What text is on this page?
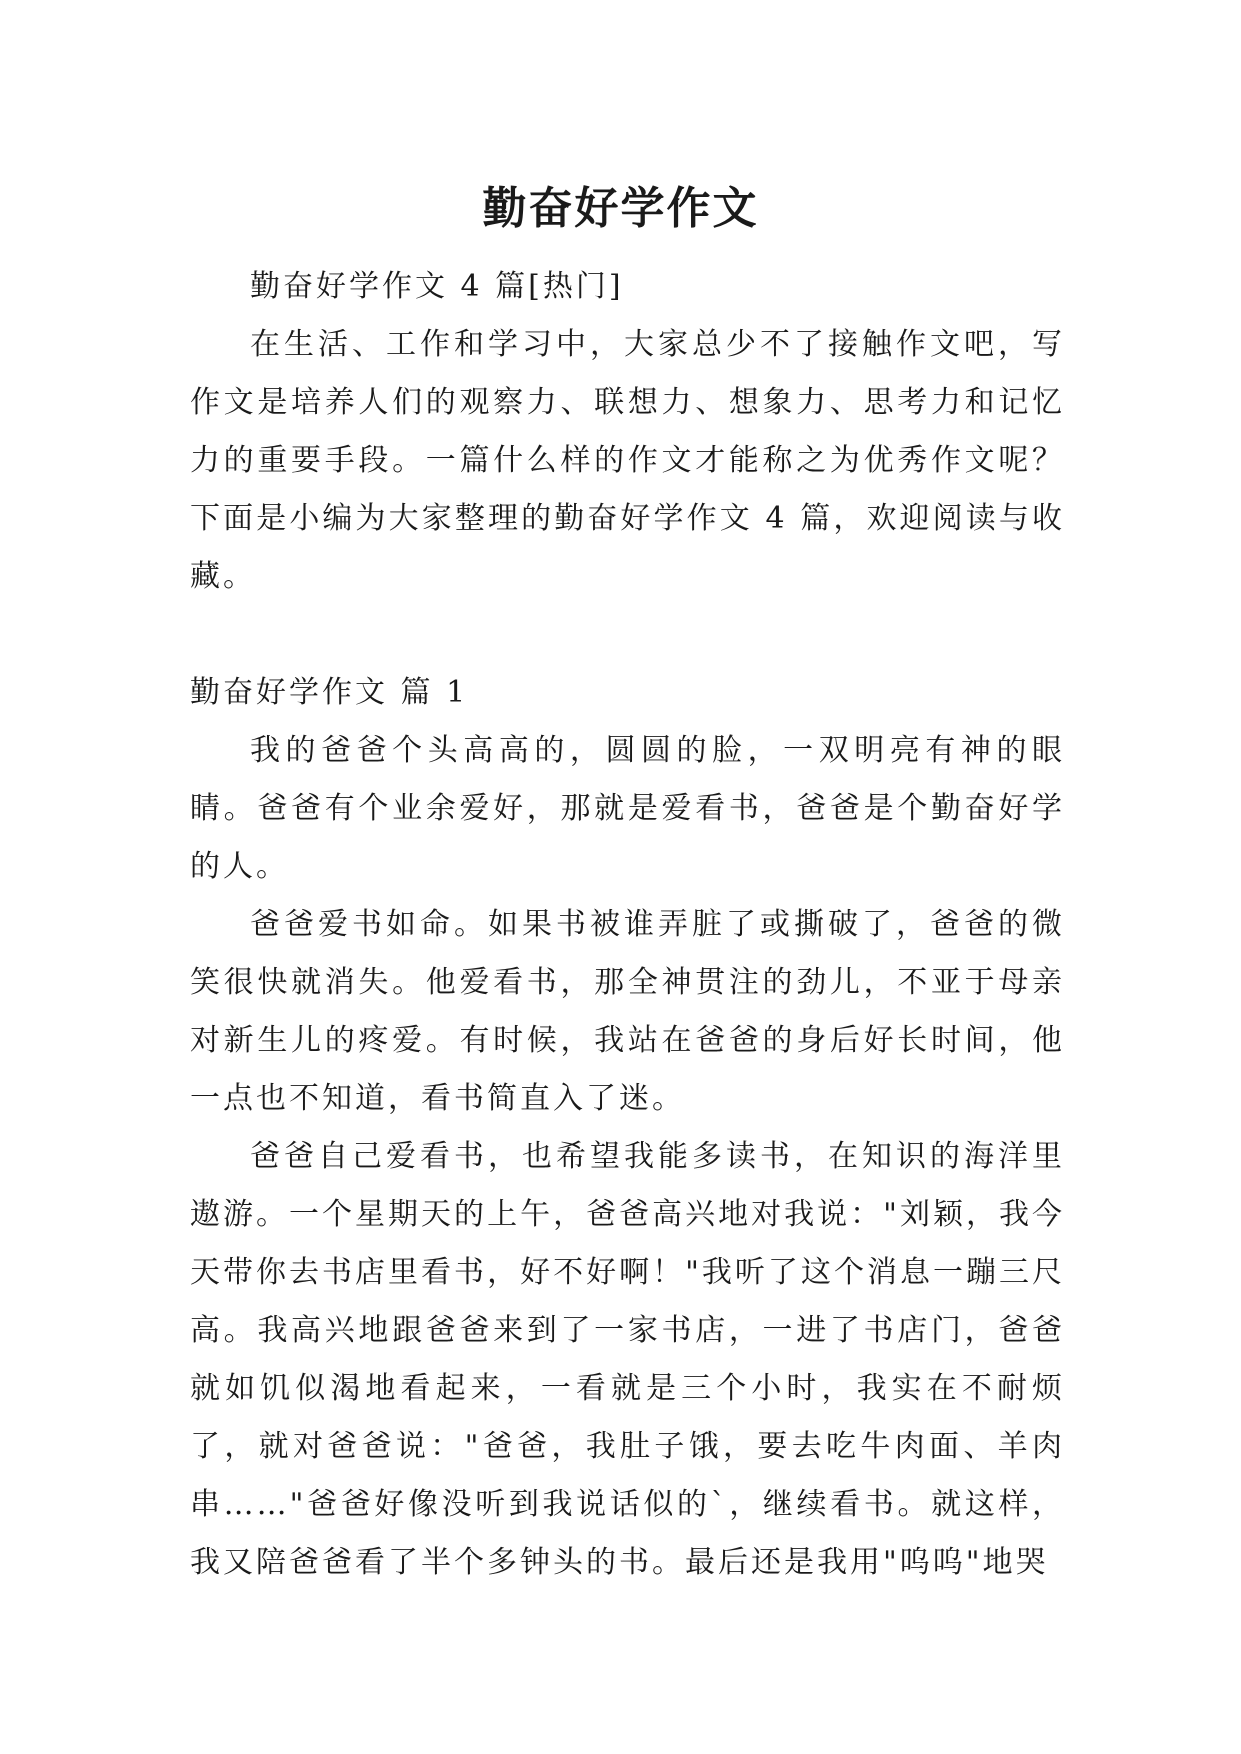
勤奋好学作文

勤奋好学作文 4 篇[热门]

在生活、工作和学习中，大家总少不了接触作文吧，写作文是培养人们的观察力、联想力、想象力、思考力和记忆力的重要手段。一篇什么样的作文才能称之为优秀作文呢？下面是小编为大家整理的勤奋好学作文 4 篇，欢迎阅读与收藏。

勤奋好学作文 篇 1

我的爸爸个头高高的，圆圆的脸，一双明亮有神的眼睛。爸爸有个业余爱好，那就是爱看书，爸爸是个勤奋好学的人。

爸爸爱书如命。如果书被谁弄脏了或撕破了，爸爸的微笑很快就消失。他爱看书，那全神贯注的劲儿，不亚于母亲对新生儿的疼爱。有时候，我站在爸爸的身后好长时间，他一点也不知道，看书简直入了迷。

爸爸自己爱看书，也希望我能多读书，在知识的海洋里遨游。一个星期天的上午，爸爸高兴地对我说："刘颖，我今天带你去书店里看书，好不好啊！"我听了这个消息一蹦三尺高。我高兴地跟爸爸来到了一家书店，一进了书店门，爸爸就如饥似渴地看起来，一看就是三个小时，我实在不耐烦了，就对爸爸说："爸爸，我肚子饿，要去吃牛肉面、羊肉串……"爸爸好像没听到我说话似的`，继续看书。就这样，我又陪爸爸看了半个多钟头的书。最后还是我用"呜呜"地哭
